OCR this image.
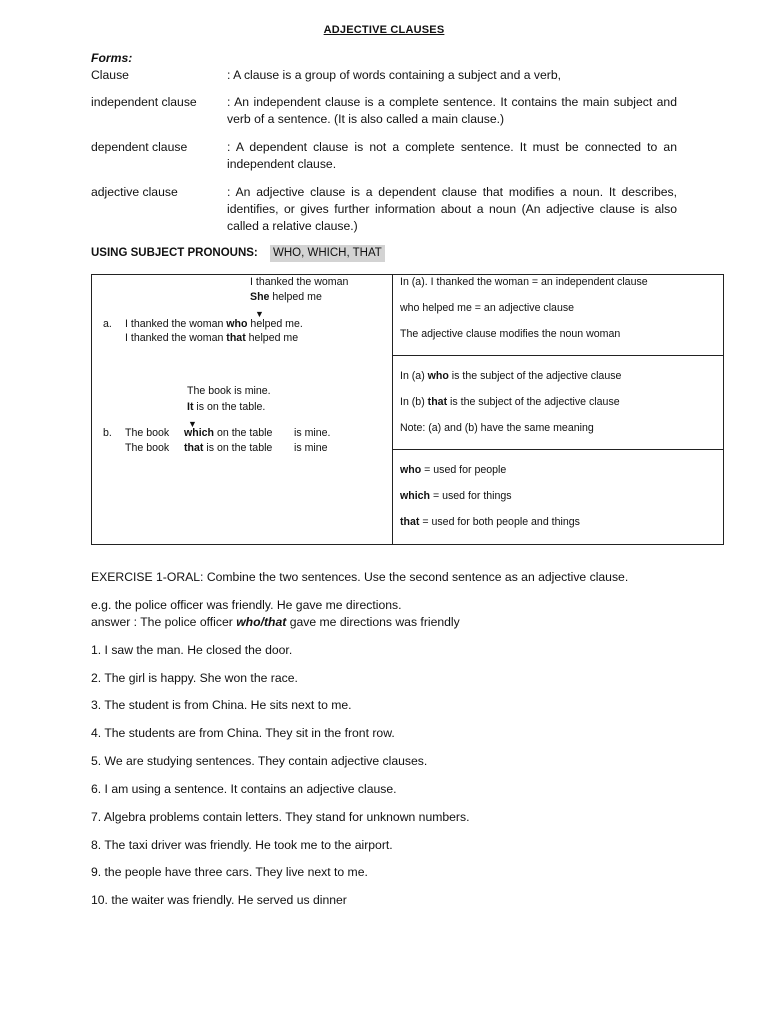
ADJECTIVE CLAUSES
Forms:
Clause	: A clause is a group of words containing a subject and a verb,
independent clause : An independent clause is a complete sentence. It contains the main subject and verb of a sentence. (It is also called a main clause.)
dependent clause	: A dependent clause is not a complete sentence. It must be connected to an independent clause.
adjective clause	: An adjective clause is a dependent clause that modifies a noun. It describes, identifies, or gives further information about a noun (An adjective clause is also called a relative clause.)
USING SUBJECT PRONOUNS: WHO, WHICH, THAT
I thanked the woman
She helped me
▼
a. I thanked the woman who helped me.
I thanked the woman that helped me
The book is mine.
It is on the table.
▼
b. The book which on the table is mine.
The book that is on the table is mine
In (a). I thanked the woman = an independent clause
who helped me = an adjective clause
The adjective clause modifies the noun woman
In (a) who is the subject of the adjective clause
In (b) that is the subject of the adjective clause
Note: (a) and (b) have the same meaning
who = used for people
which = used for things
that = used for both people and things
EXERCISE 1-ORAL: Combine the two sentences. Use the second sentence as an adjective clause.
e.g. the police officer was friendly. He gave me directions.
answer : The police officer who/that gave me directions was friendly
1. I saw the man. He closed the door.
2. The girl is happy. She won the race.
3. The student is from China. He sits next to me.
4. The students are from China. They sit in the front row.
5. We are studying sentences. They contain adjective clauses.
6. I am using a sentence. It contains an adjective clause.
7. Algebra problems contain letters. They stand for unknown numbers.
8. The taxi driver was friendly. He took me to the airport.
9. the people have three cars. They live next to me.
10. the waiter was friendly. He served us dinner
